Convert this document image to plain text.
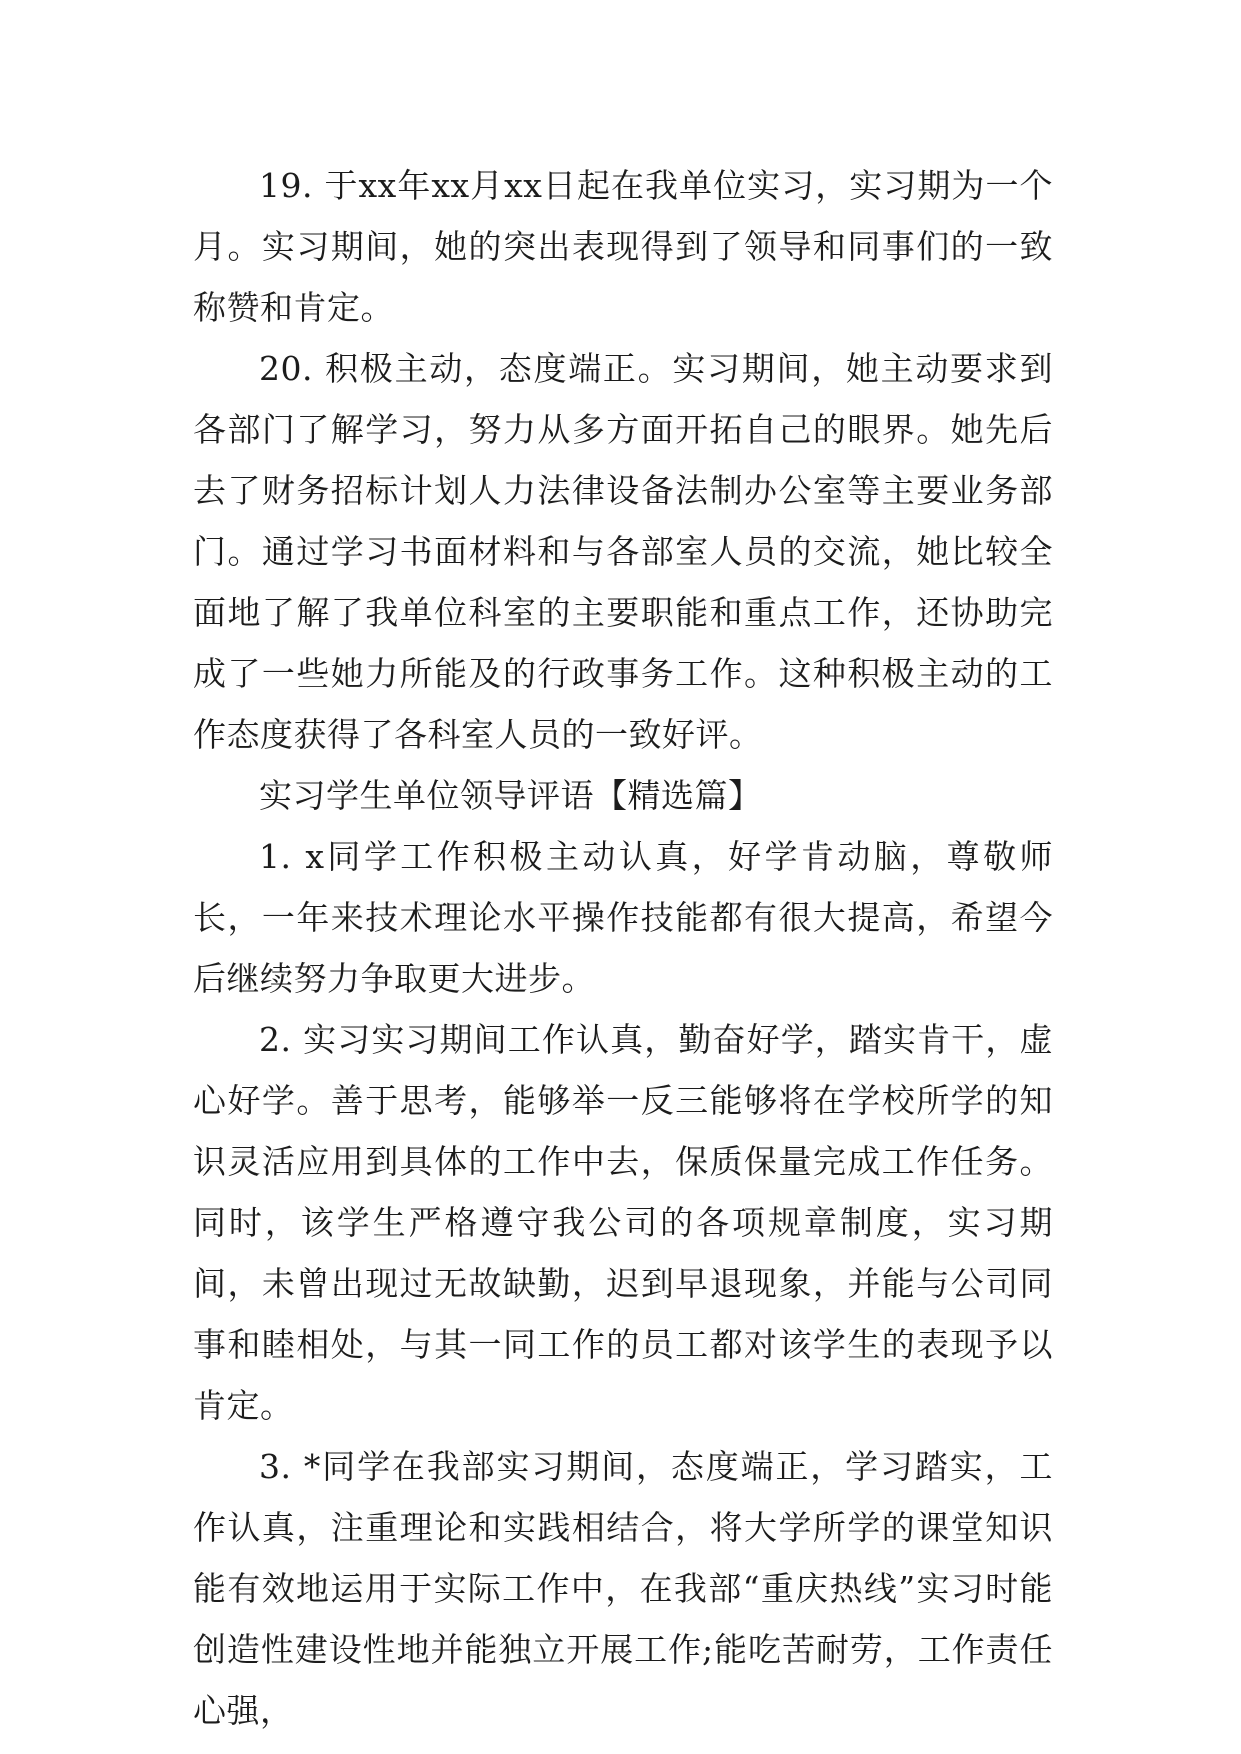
19. 于xx年xx月xx日起在我单位实习，实习期为一个月。实习期间，她的突出表现得到了领导和同事们的一致称赞和肯定。

20. 积极主动，态度端正。实习期间，她主动要求到各部门了解学习，努力从多方面开拓自己的眼界。她先后去了财务招标计划人力法律设备法制办公室等主要业务部门。通过学习书面材料和与各部室人员的交流，她比较全面地了解了我单位科室的主要职能和重点工作，还协助完成了一些她力所能及的行政事务工作。这种积极主动的工作态度获得了各科室人员的一致好评。

实习学生单位领导评语【精选篇】

1. x同学工作积极主动认真，好学肯动脑，尊敬师长，一年来技术理论水平操作技能都有很大提高，希望今后继续努力争取更大进步。

2. 实习实习期间工作认真，勤奋好学，踏实肯干，虚心好学。善于思考，能够举一反三能够将在学校所学的知识灵活应用到具体的工作中去，保质保量完成工作任务。同时，该学生严格遵守我公司的各项规章制度，实习期间，未曾出现过无故缺勤，迟到早退现象，并能与公司同事和睦相处，与其一同工作的员工都对该学生的表现予以肯定。

3. *同学在我部实习期间，态度端正，学习踏实，工作认真，注重理论和实践相结合，将大学所学的课堂知识能有效地运用于实际工作中，在我部“重庆热线”实习时能创造性建设性地并能独立开展工作;能吃苦耐劳，工作责任心强，
